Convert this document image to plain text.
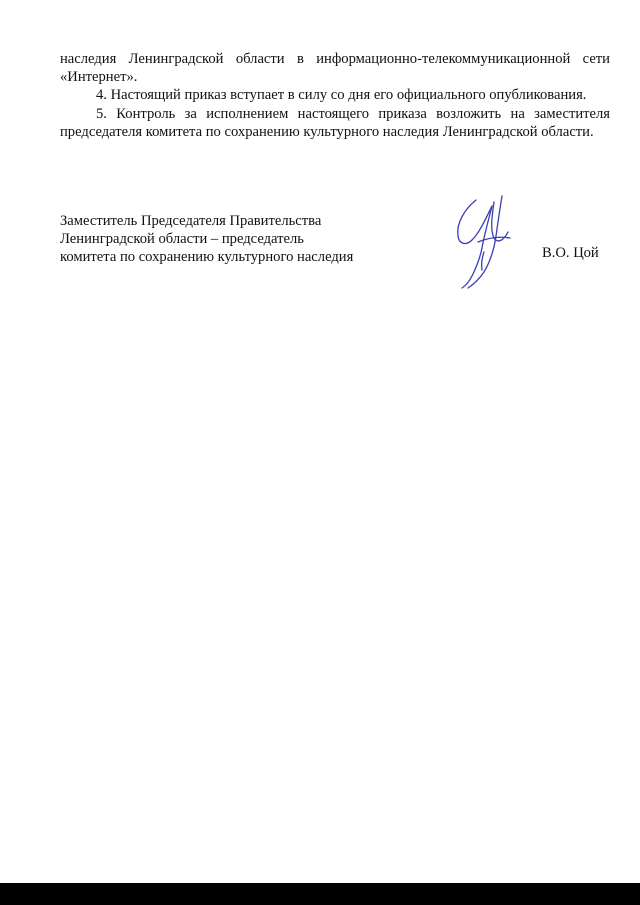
наследия Ленинградской области в информационно-телекоммуникационной сети «Интернет».

4. Настоящий приказ вступает в силу со дня его официального опубликования.

5. Контроль за исполнением настоящего приказа возложить на заместителя председателя комитета по сохранению культурного наследия Ленинградской области.

Заместитель Председателя Правительства
Ленинградской области – председатель
комитета по сохранению культурного наследия	В.О. Цой
